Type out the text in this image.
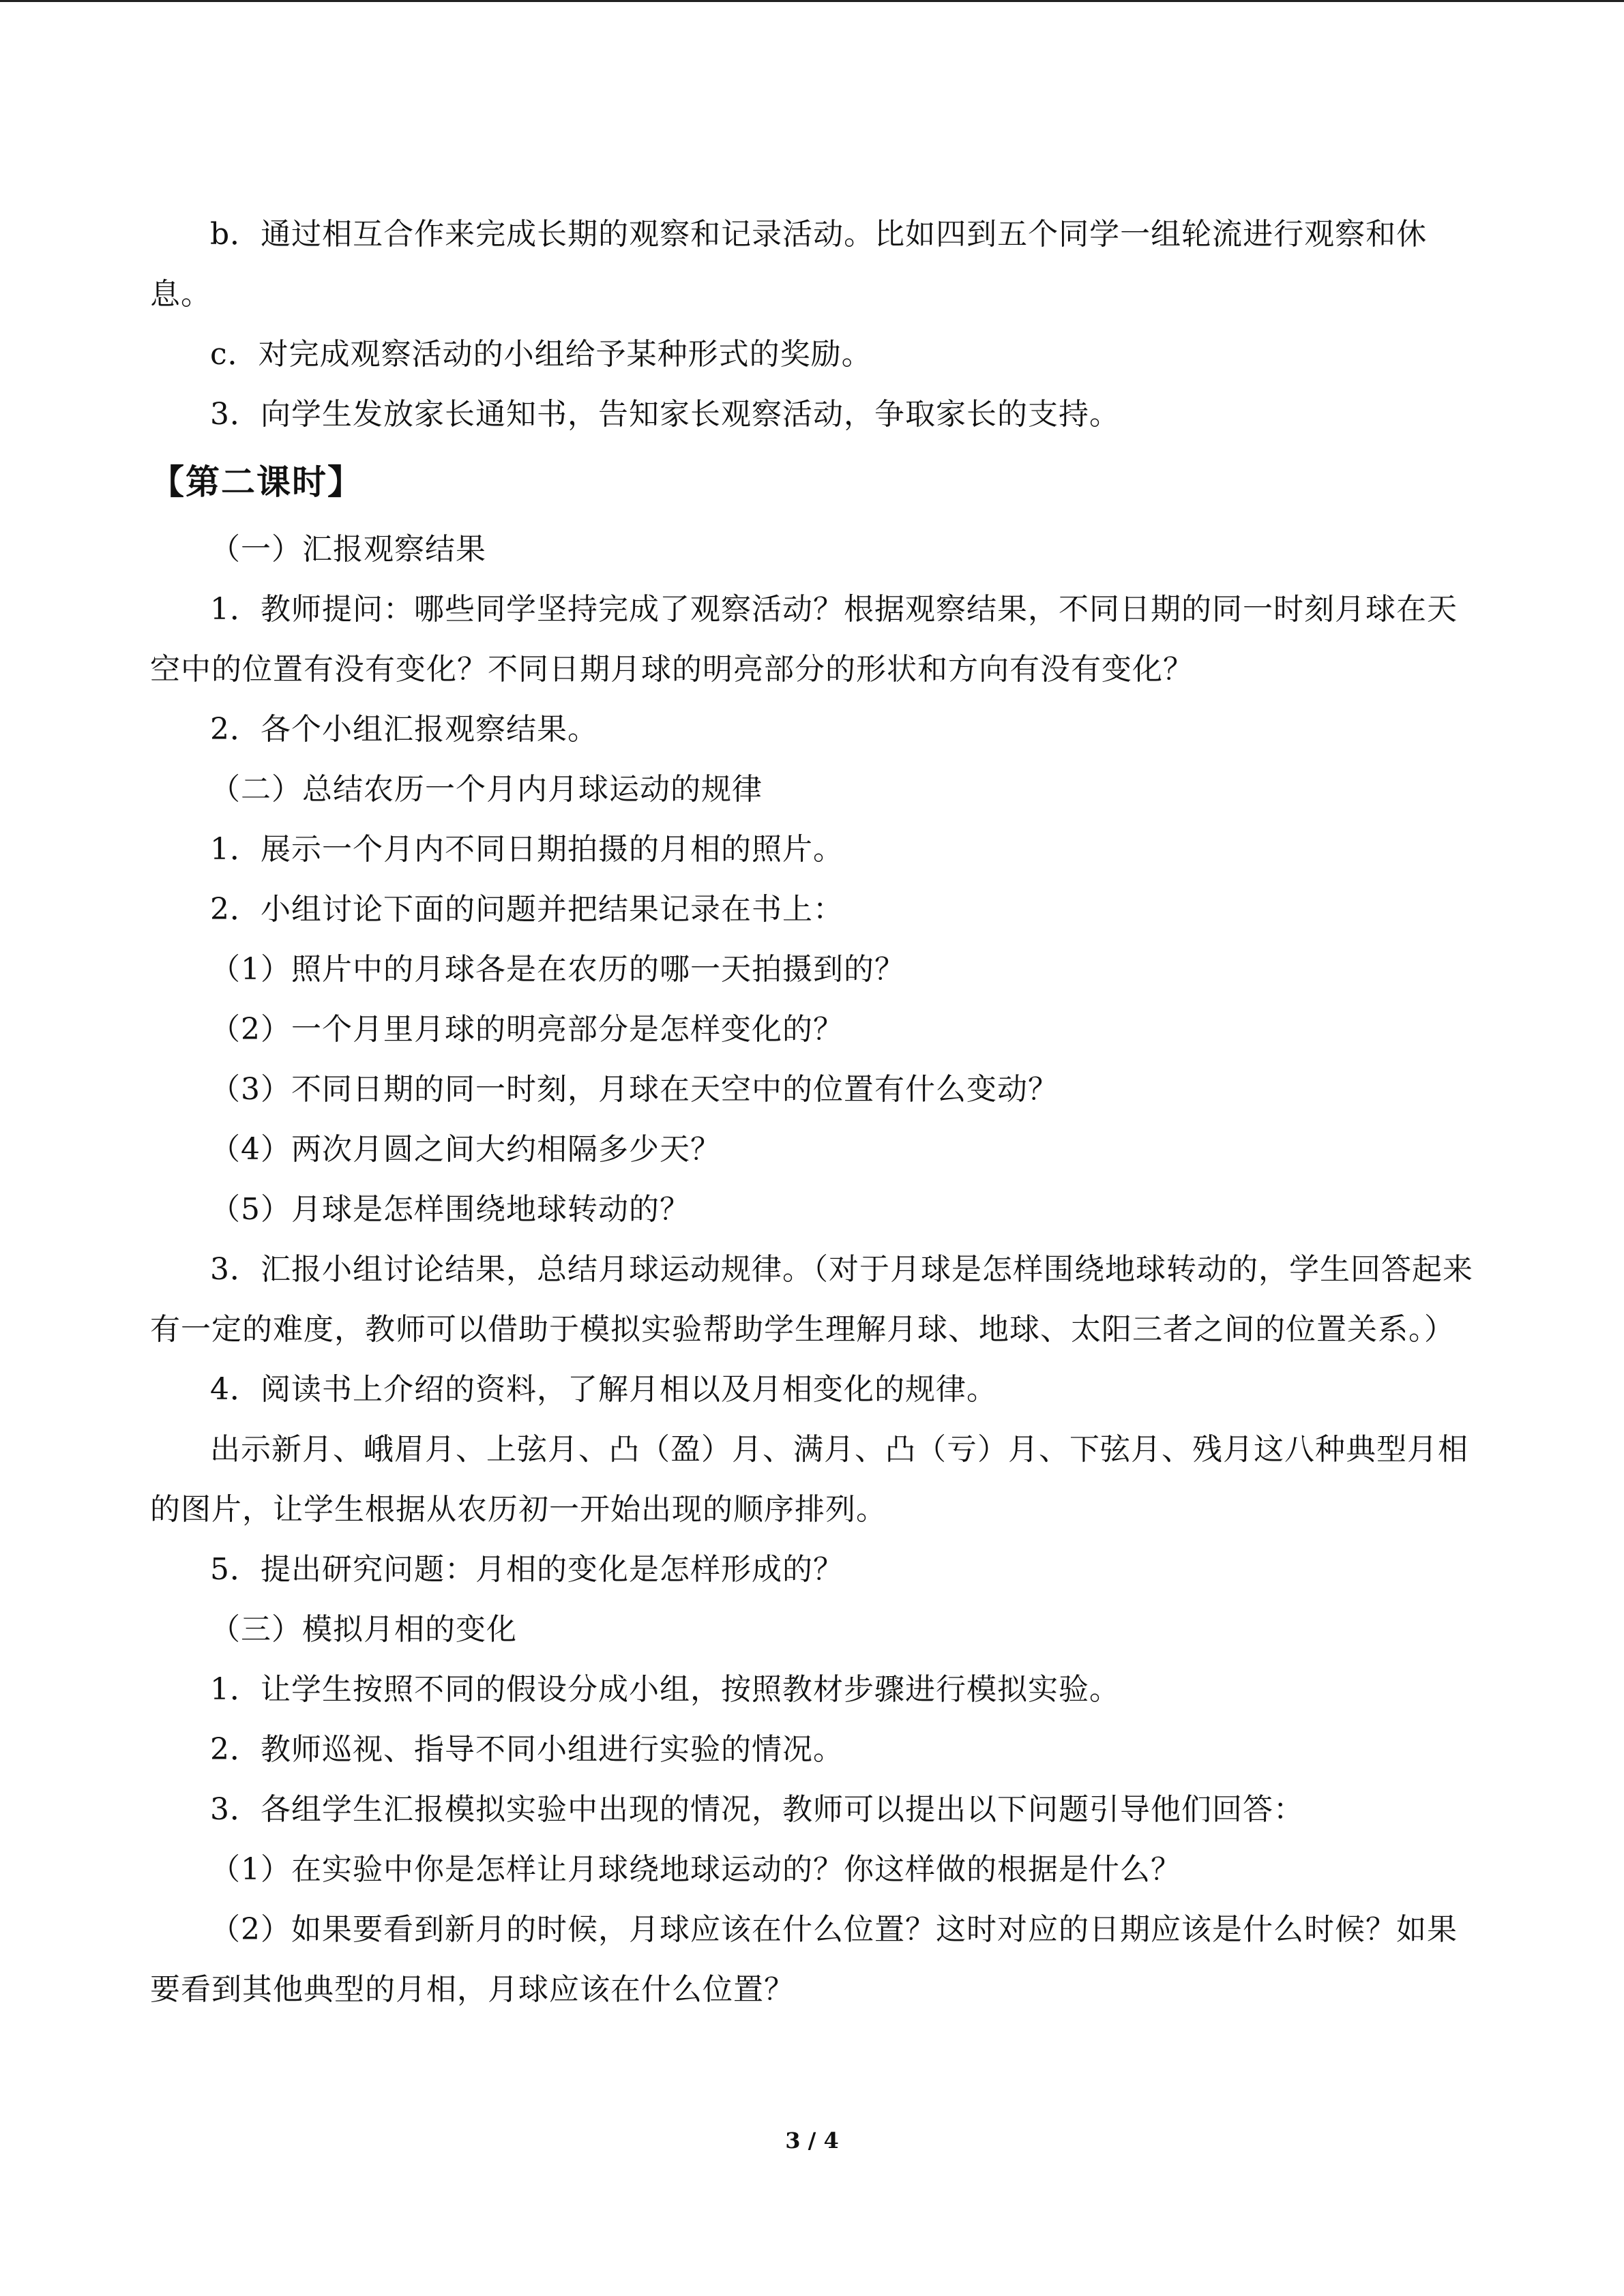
b．通过相互合作来完成长期的观察和记录活动。比如四到五个同学一组轮流进行观察和休息。

c．对完成观察活动的小组给予某种形式的奖励。

3．向学生发放家长通知书，告知家长观察活动，争取家长的支持。

【第二课时】

（一）汇报观察结果

1．教师提问：哪些同学坚持完成了观察活动？根据观察结果，不同日期的同一时刻月球在天空中的位置有没有变化？不同日期月球的明亮部分的形状和方向有没有变化？

2．各个小组汇报观察结果。

（二）总结农历一个月内月球运动的规律

1．展示一个月内不同日期拍摄的月相的照片。

2．小组讨论下面的问题并把结果记录在书上：

（1）照片中的月球各是在农历的哪一天拍摄到的？

（2）一个月里月球的明亮部分是怎样变化的？

（3）不同日期的同一时刻，月球在天空中的位置有什么变动？

（4）两次月圆之间大约相隔多少天？

（5）月球是怎样围绕地球转动的？

3．汇报小组讨论结果，总结月球运动规律。（对于月球是怎样围绕地球转动的，学生回答起来有一定的难度，教师可以借助于模拟实验帮助学生理解月球、地球、太阳三者之间的位置关系。）

4．阅读书上介绍的资料，了解月相以及月相变化的规律。

出示新月、峨眉月、上弦月、凸（盈）月、满月、凸（亏）月、下弦月、残月这八种典型月相的图片，让学生根据从农历初一开始出现的顺序排列。

5．提出研究问题：月相的变化是怎样形成的？

（三）模拟月相的变化

1．让学生按照不同的假设分成小组，按照教材步骤进行模拟实验。

2．教师巡视、指导不同小组进行实验的情况。

3．各组学生汇报模拟实验中出现的情况，教师可以提出以下问题引导他们回答：

（1）在实验中你是怎样让月球绕地球运动的？你这样做的根据是什么？

（2）如果要看到新月的时候，月球应该在什么位置？这时对应的日期应该是什么时候？如果要看到其他典型的月相，月球应该在什么位置？

3 / 4
